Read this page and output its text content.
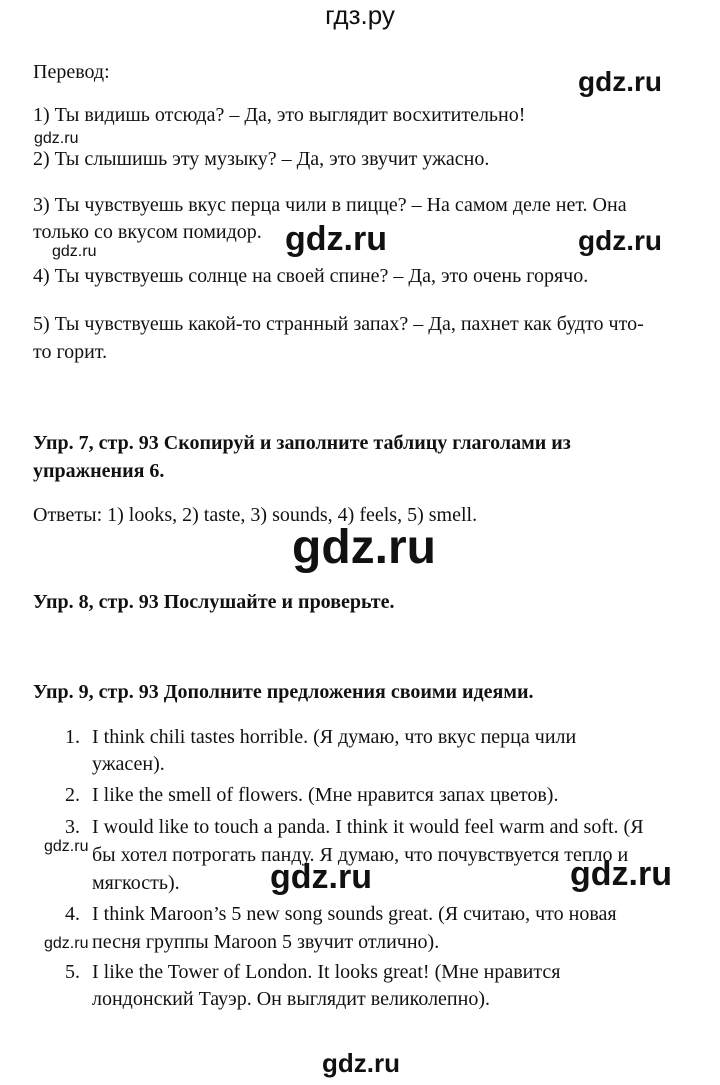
гдз.ру
Перевод:
1) Ты видишь отсюда? – Да, это выглядит восхитительно!
2) Ты слышишь эту музыку? – Да, это звучит ужасно.
3) Ты чувствуешь вкус перца чили в пицце? – На самом деле нет. Она
только со вкусом помидор.
4) Ты чувствуешь солнце на своей спине? – Да, это очень горячо.
5) Ты чувствуешь какой-то странный запах? – Да, пахнет как будто что-
то горит.
Упр. 7, стр. 93 Скопируй и заполните таблицу глаголами из
упражнения 6.
Ответы: 1) looks, 2) taste, 3) sounds, 4) feels, 5) smell.
Упр. 8, стр. 93 Послушайте и проверьте.
Упр. 9, стр. 93 Дополните предложения своими идеями.
1. I think chili tastes horrible. (Я думаю, что вкус перца чили
ужасен).
2. I like the smell of flowers. (Мне нравится запах цветов).
3. I would like to touch a panda. I think it would feel warm and soft. (Я
бы хотел потрогать панду. Я думаю, что почувствуется тепло и
мягкость).
4. I think Maroon’s 5 new song sounds great. (Я считаю, что новая
песня группы Maroon 5 звучит отлично).
5. I like the Tower of London. It looks great! (Мне нравится
лондонский Тауэр. Он выглядит великолепно).
gdz.ru
gdz.ru
gdz.ru	gdz.ru
gdz.ru
gdz.ru
gdz.ru
gdz.ru	gdz.ru
gdz.ru
gdz.ru
